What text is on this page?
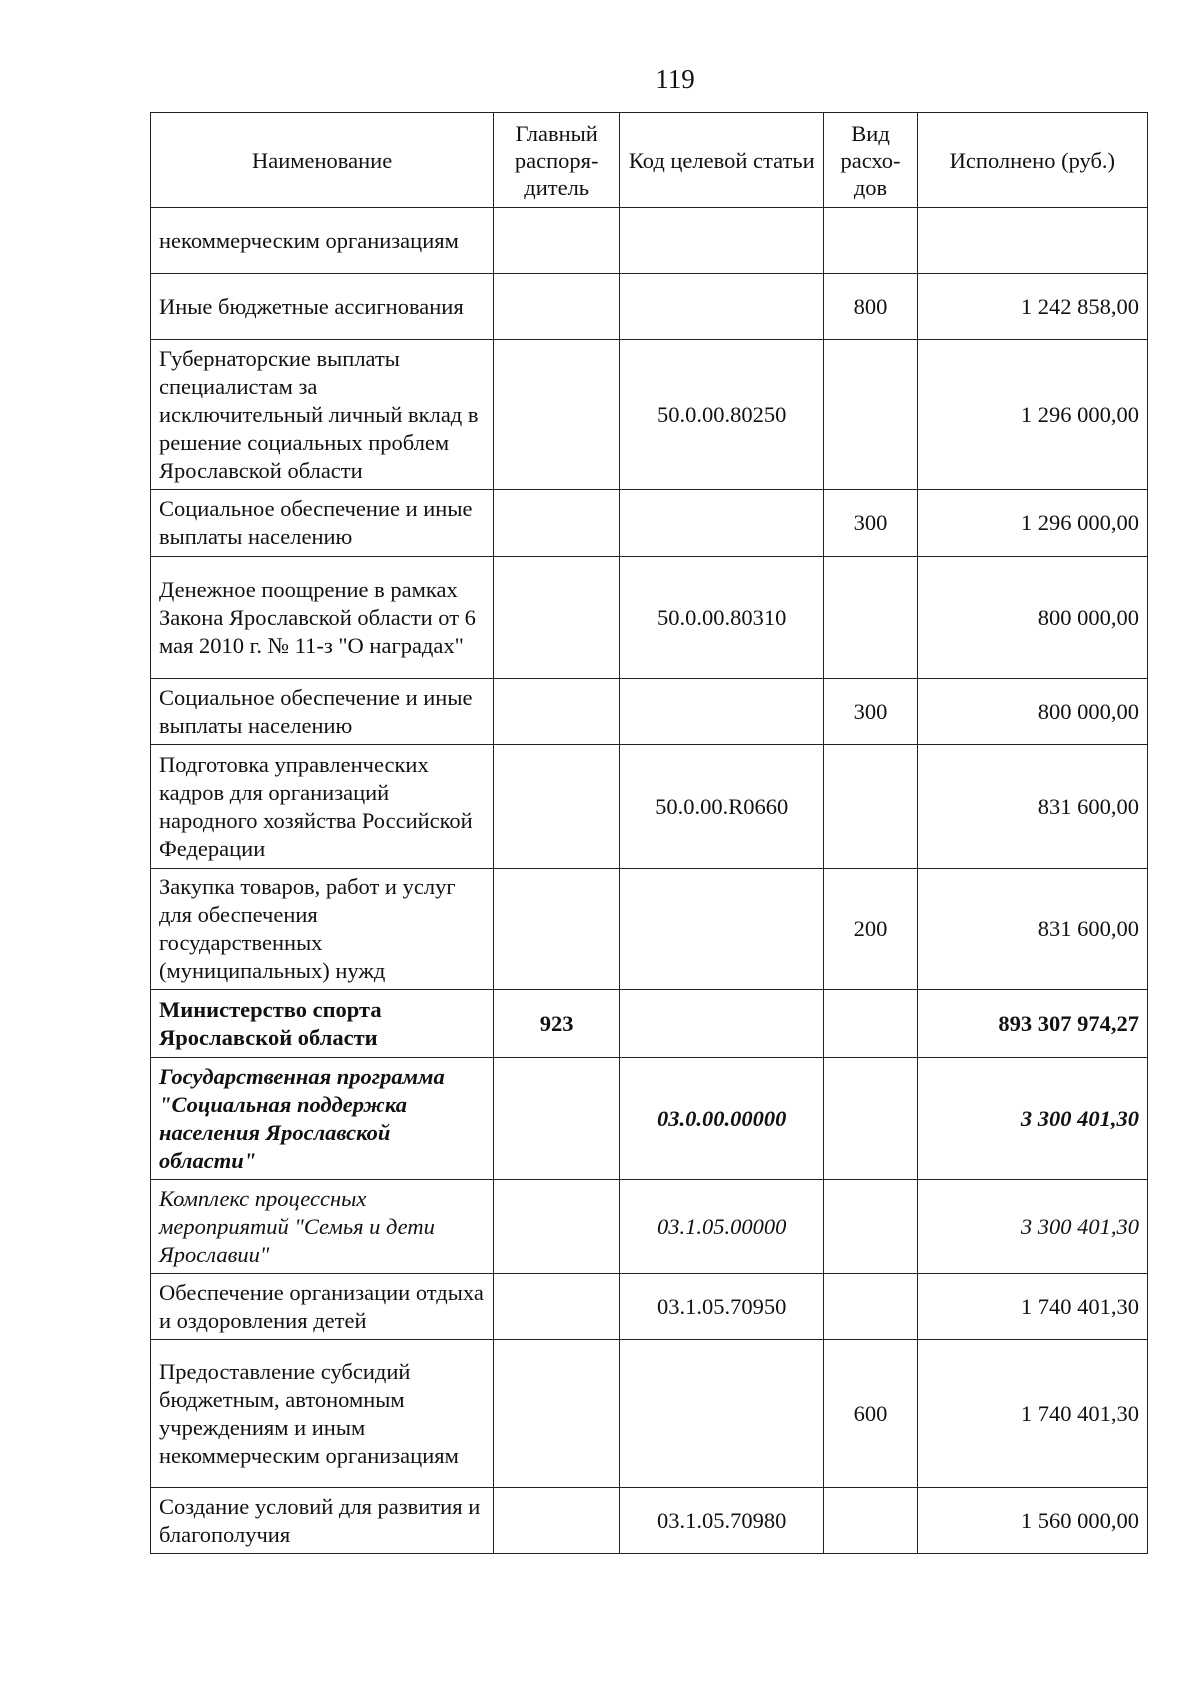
119
Наименование	Главный распоря-дитель	Код целевой статьи	Вид расхо-дов	Исполнено (руб.)
некоммерческим организациям				
Иные бюджетные ассигнования			800	1 242 858,00
Губернаторские выплаты специалистам за исключительный личный вклад в решение социальных проблем Ярославской области		50.0.00.80250		1 296 000,00
Социальное обеспечение и иные выплаты населению			300	1 296 000,00
Денежное поощрение в рамках Закона Ярославской области от 6 мая 2010 г. № 11-з "О наградах"		50.0.00.80310		800 000,00
Социальное обеспечение и иные выплаты населению			300	800 000,00
Подготовка управленческих кадров для организаций народного хозяйства Российской Федерации		50.0.00.R0660		831 600,00
Закупка товаров, работ и услуг для обеспечения государственных (муниципальных) нужд			200	831 600,00
Министерство спорта Ярославской области	923			893 307 974,27
Государственная программа "Социальная поддержка населения Ярославской области"		03.0.00.00000		3 300 401,30
Комплекс процессных мероприятий "Семья и дети Ярославии"		03.1.05.00000		3 300 401,30
Обеспечение организации отдыха и оздоровления детей		03.1.05.70950		1 740 401,30
Предоставление субсидий бюджетным, автономным учреждениям и иным некоммерческим организациям			600	1 740 401,30
Создание условий для развития и благополучия		03.1.05.70980		1 560 000,00
